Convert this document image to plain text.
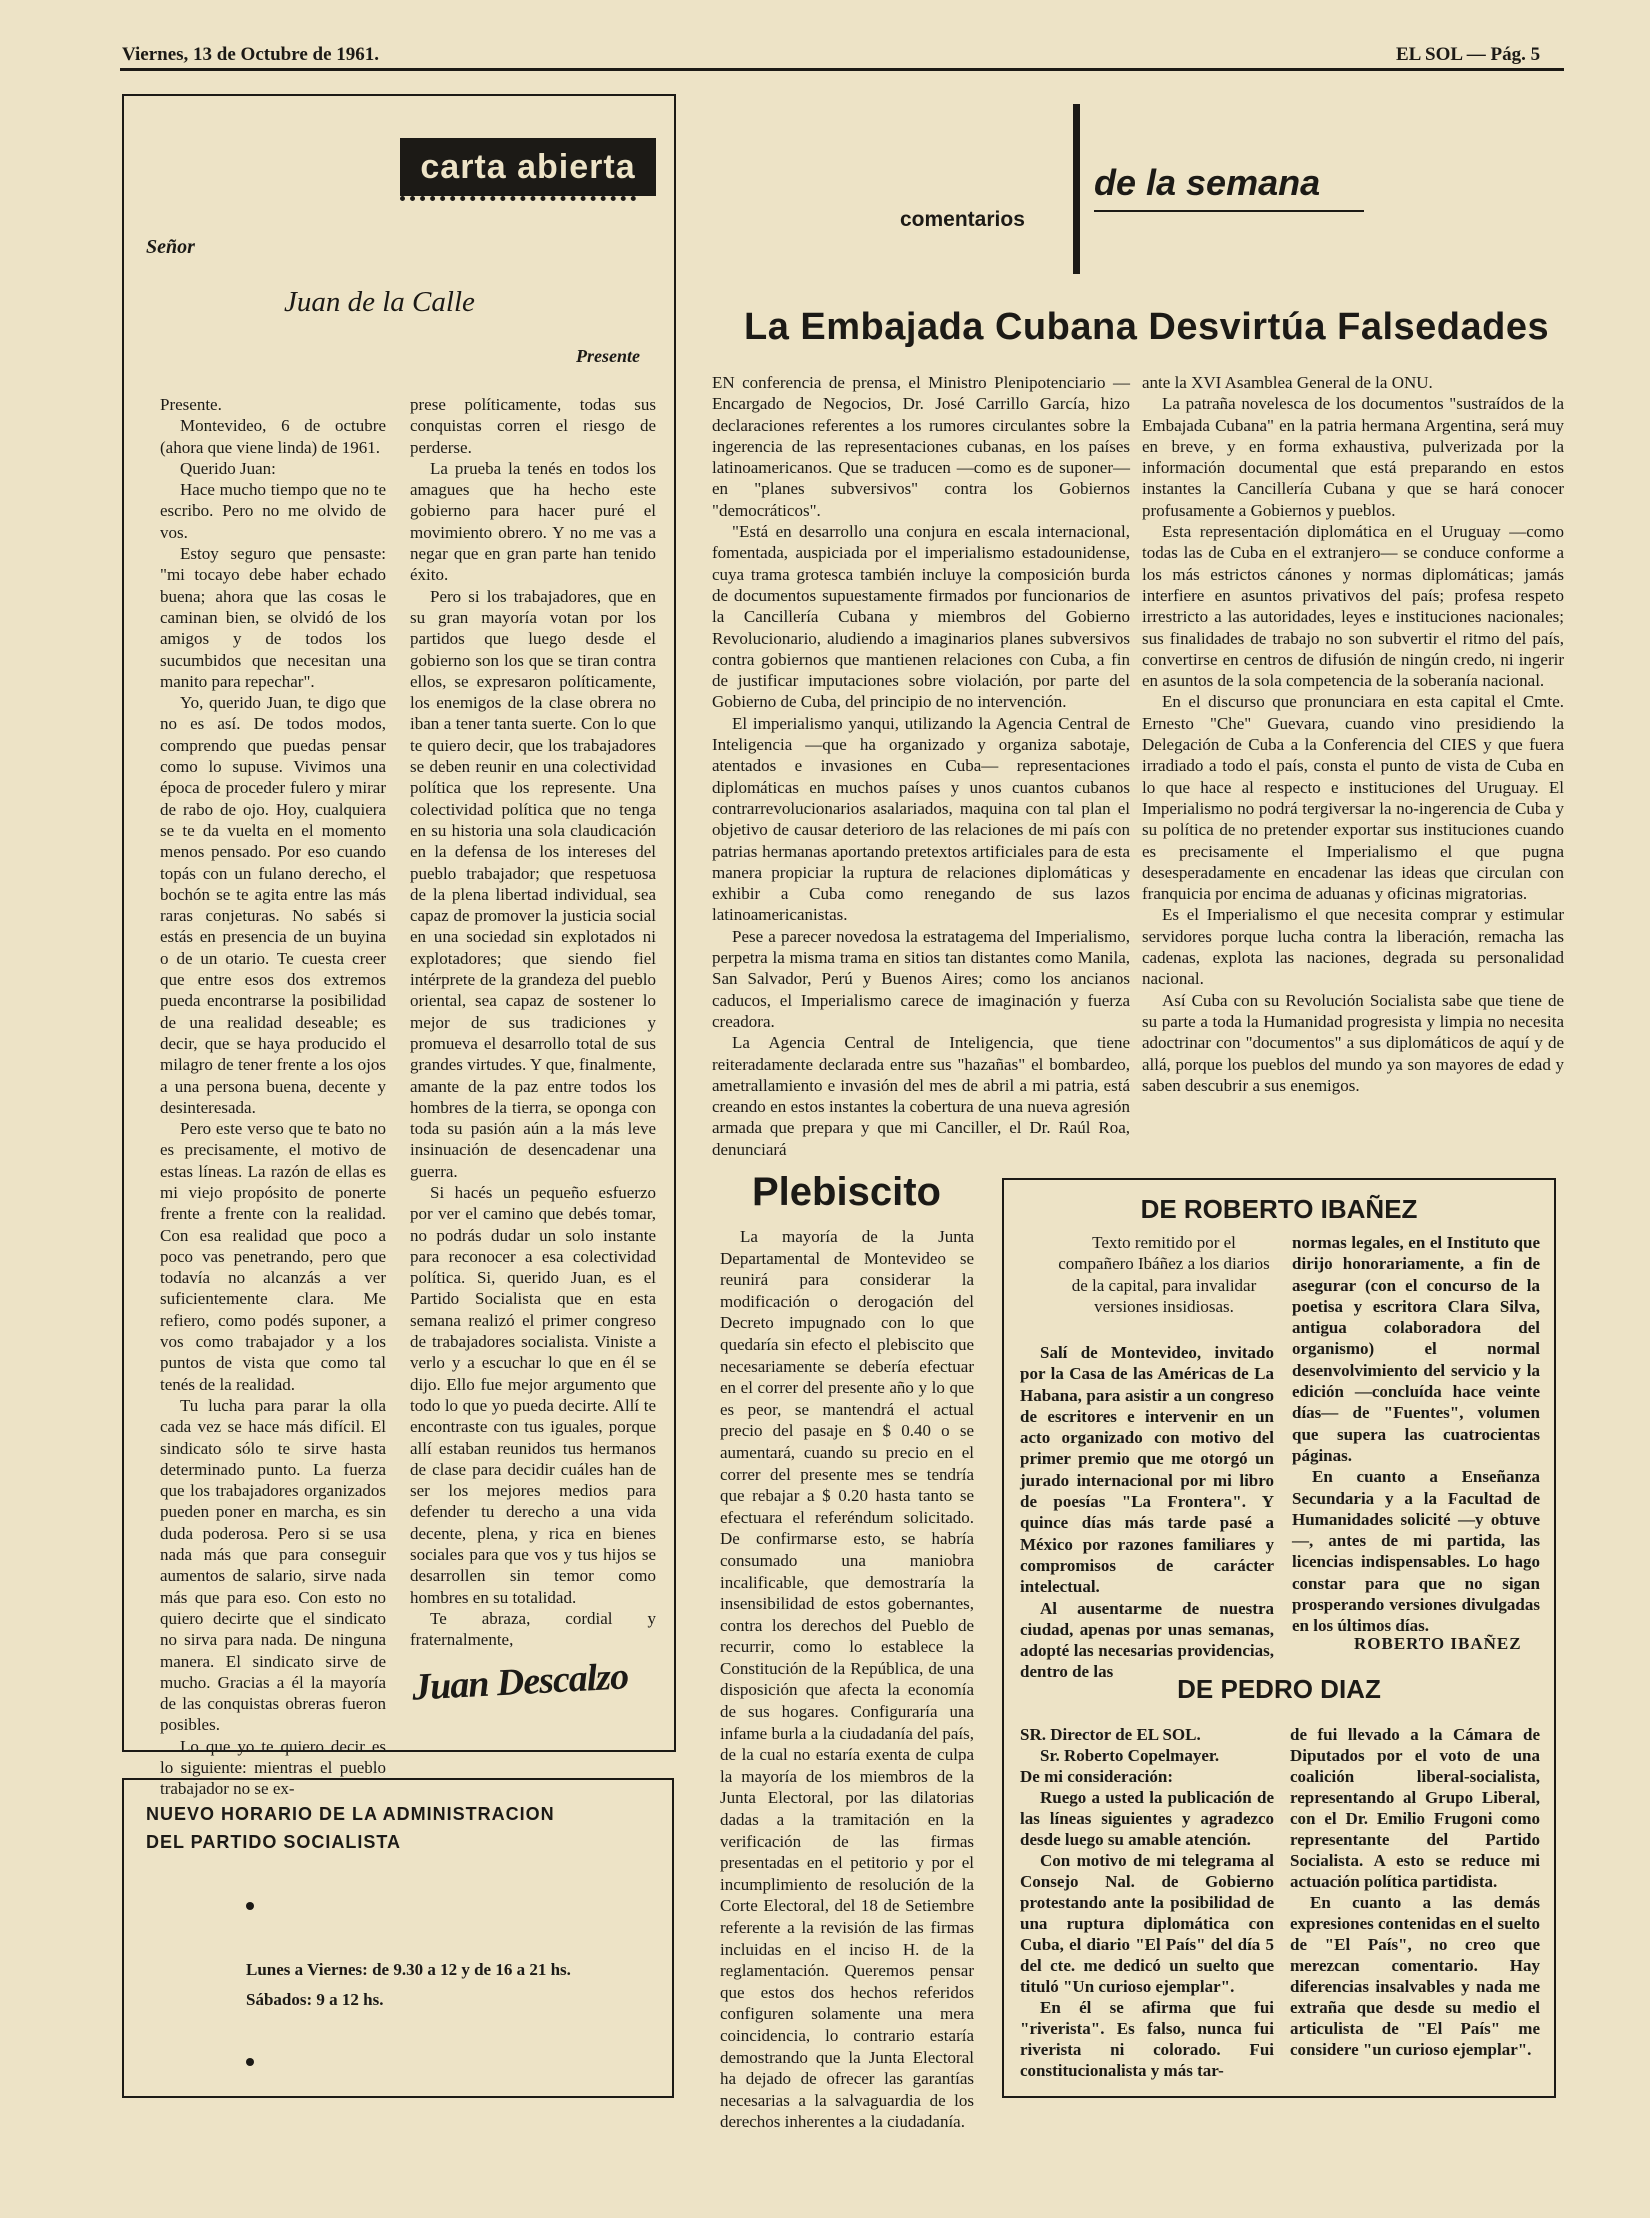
Viernes, 13 de Octubre de 1961.	EL SOL — Pág. 5
carta abierta
Señor
Juan de la Calle
Presente

Presente.

Montevideo, 6 de octubre (ahora que viene linda) de 1961.

Querido Juan:

Hace mucho tiempo que no te escribo. Pero no me olvido de vos.

Estoy seguro que pensaste: "mi tocayo debe haber echado buena; ahora que las cosas le caminan bien, se olvidó de los amigos y de todos los sucumbidos que necesitan una manito para repechar".

Yo, querido Juan, te digo que no es así. De todos modos, comprendo que puedas pensar como lo supuse. Vivimos una época de proceder fulero y mirar de rabo de ojo. Hoy, cualquiera se te da vuelta en el momento menos pensado. Por eso cuando topás con un fulano derecho, el bochón se te agita entre las más raras conjeturas. No sabés si estás en presencia de un buyina o de un otario. Te cuesta creer que entre esos dos extremos pueda encontrarse la posibilidad de una realidad deseable; es decir, que se haya producido el milagro de tener frente a los ojos a una persona buena, decente y desinteresada.

Pero este verso que te bato no es precisamente, el motivo de estas líneas. La razón de ellas es mi viejo propósito de ponerte frente a frente con la realidad. Con esa realidad que poco a poco vas penetrando, pero que todavía no alcanzás a ver suficientemente clara. Me refiero, como podés suponer, a vos como trabajador y a los puntos de vista que como tal tenés de la realidad.

Tu lucha para parar la olla cada vez se hace más difícil. El sindicato sólo te sirve hasta determinado punto. La fuerza que los trabajadores organizados pueden poner en marcha, es sin duda poderosa. Pero si se usa nada más que para conseguir aumentos de salario, sirve nada más que para eso. Con esto no quiero decirte que el sindicato no sirva para nada. De ninguna manera. El sindicato sirve de mucho. Gracias a él la mayoría de las conquistas obreras fueron posibles.

Lo que yo te quiero decir es lo siguiente: mientras el pueblo trabajador no se ex-

prese políticamente, todas sus conquistas corren el riesgo de perderse.

La prueba la tenés en todos los amagues que ha hecho este gobierno para hacer puré el movimiento obrero. Y no me vas a negar que en gran parte han tenido éxito.

Pero si los trabajadores, que en su gran mayoría votan por los partidos que luego desde el gobierno son los que se tiran contra ellos, se expresaron políticamente, los enemigos de la clase obrera no iban a tener tanta suerte. Con lo que te quiero decir, que los trabajadores se deben reunir en una colectividad política que los represente. Una colectividad política que no tenga en su historia una sola claudicación en la defensa de los intereses del pueblo trabajador; que respetuosa de la plena libertad individual, sea capaz de promover la justicia social en una sociedad sin explotados ni explotadores; que siendo fiel intérprete de la grandeza del pueblo oriental, sea capaz de sostener lo mejor de sus tradiciones y promueva el desarrollo total de sus grandes virtudes. Y que, finalmente, amante de la paz entre todos los hombres de la tierra, se oponga con toda su pasión aún a la más leve insinuación de desencadenar una guerra.

Si hacés un pequeño esfuerzo por ver el camino que debés tomar, no podrás dudar un solo instante para reconocer a esa colectividad política. Si, querido Juan, es el Partido Socialista que en esta semana realizó el primer congreso de trabajadores socialista. Viniste a verlo y a escuchar lo que en él se dijo. Ello fue mejor argumento que todo lo que yo pueda decirte. Allí te encontraste con tus iguales, porque allí estaban reunidos tus hermanos de clase para decidir cuáles han de ser los mejores medios para defender tu derecho a una vida decente, plena, y rica en bienes sociales para que vos y tus hijos se desarrollen sin temor como hombres en su totalidad.

Te abraza, cordial y fraternalmente,

Juan Descalzo
NUEVO HORARIO DE LA ADMINISTRACION
DEL PARTIDO SOCIALISTA
Lunes a Viernes: de 9.30 a 12 y de 16 a 21 hs.
Sábados: 9 a 12 hs.
comentarios
de la semana
La Embajada Cubana Desvirtúa Falsedades

EN conferencia de prensa, el Ministro Plenipotenciario —Encargado de Negocios, Dr. José Carrillo García, hizo declaraciones referentes a los rumores circulantes sobre la ingerencia de las representaciones cubanas, en los países latinoamericanos. Que se traducen —como es de suponer— en "planes subversivos" contra los Gobiernos "democráticos".

"Está en desarrollo una conjura en escala internacional, fomentada, auspiciada por el imperialismo estadounidense, cuya trama grotesca también incluye la composición burda de documentos supuestamente firmados por funcionarios de la Cancillería Cubana y miembros del Gobierno Revolucionario, aludiendo a imaginarios planes subversivos contra gobiernos que mantienen relaciones con Cuba, a fin de justificar imputaciones sobre violación, por parte del Gobierno de Cuba, del principio de no intervención.

El imperialismo yanqui, utilizando la Agencia Central de Inteligencia —que ha organizado y organiza sabotaje, atentados e invasiones en Cuba— representaciones diplomáticas en muchos países y unos cuantos cubanos contrarrevolucionarios asalariados, maquina con tal plan el objetivo de causar deterioro de las relaciones de mi país con patrias hermanas aportando pretextos artificiales para de esta manera propiciar la ruptura de relaciones diplomáticas y exhibir a Cuba como renegando de sus lazos latinoamericanistas.

Pese a parecer novedosa la estratagema del Imperialismo, perpetra la misma trama en sitios tan distantes como Manila, San Salvador, Perú y Buenos Aires; como los ancianos caducos, el Imperialismo carece de imaginación y fuerza creadora.

La Agencia Central de Inteligencia, que tiene reiteradamente declarada entre sus "hazañas" el bombardeo, ametrallamiento e invasión del mes de abril a mi patria, está creando en estos instantes la cobertura de una nueva agresión armada que prepara y que mi Canciller, el Dr. Raúl Roa, denunciará

ante la XVI Asamblea General de la ONU.

La patraña novelesca de los documentos "sustraídos de la Embajada Cubana" en la patria hermana Argentina, será muy en breve, y en forma exhaustiva, pulverizada por la información documental que está preparando en estos instantes la Cancillería Cubana y que se hará conocer profusamente a Gobiernos y pueblos.

Esta representación diplomática en el Uruguay —como todas las de Cuba en el extranjero— se conduce conforme a los más estrictos cánones y normas diplomáticas; jamás interfiere en asuntos privativos del país; profesa respeto irrestricto a las autoridades, leyes e instituciones nacionales; sus finalidades de trabajo no son subvertir el ritmo del país, convertirse en centros de difusión de ningún credo, ni ingerir en asuntos de la sola competencia de la soberanía nacional.

En el discurso que pronunciara en esta capital el Cmte. Ernesto "Che" Guevara, cuando vino presidiendo la Delegación de Cuba a la Conferencia del CIES y que fuera irradiado a todo el país, consta el punto de vista de Cuba en lo que hace al respecto e instituciones del Uruguay. El Imperialismo no podrá tergiversar la no-ingerencia de Cuba y su política de no pretender exportar sus instituciones cuando es precisamente el Imperialismo el que pugna desesperadamente en encadenar las ideas que circulan con franquicia por encima de aduanas y oficinas migratorias.

Es el Imperialismo el que necesita comprar y estimular servidores porque lucha contra la liberación, remacha las cadenas, explota las naciones, degrada su personalidad nacional.

Así Cuba con su Revolución Socialista sabe que tiene de su parte a toda la Humanidad progresista y limpia no necesita adoctrinar con "documentos" a sus diplomáticos de aquí y de allá, porque los pueblos del mundo ya son mayores de edad y saben descubrir a sus enemigos.

Plebiscito

La mayoría de la Junta Departamental de Montevideo se reunirá para considerar la modificación o derogación del Decreto impugnado con lo que quedaría sin efecto el plebiscito que necesariamente se debería efectuar en el correr del presente año y lo que es peor, se mantendrá el actual precio del pasaje en $ 0.40 o se aumentará, cuando su precio en el correr del presente mes se tendría que rebajar a $ 0.20 hasta tanto se efectuara el referéndum solicitado. De confirmarse esto, se habría consumado una maniobra incalificable, que demostraría la insensibilidad de estos gobernantes, contra los derechos del Pueblo de recurrir, como lo establece la Constitución de la República, de una disposición que afecta la economía de sus hogares. Configuraría una infame burla a la ciudadanía del país, de la cual no estaría exenta de culpa la mayoría de los miembros de la Junta Electoral, por las dilatorias dadas a la tramitación en la verificación de las firmas presentadas en el petitorio y por el incumplimiento de resolución de la Corte Electoral, del 18 de Setiembre referente a la revisión de las firmas incluidas en el inciso H. de la reglamentación. Queremos pensar que estos dos hechos referidos configuren solamente una mera coincidencia, lo contrario estaría demostrando que la Junta Electoral ha dejado de ofrecer las garantías necesarias a la salvaguardia de los derechos inherentes a la ciudadanía.

DE ROBERTO IBAÑEZ

Texto remitido por el compañero Ibáñez a los diarios de la capital, para invalidar versiones insidiosas.

Salí de Montevideo, invitado por la Casa de las Américas de La Habana, para asistir a un congreso de escritores e intervenir en un acto organizado con motivo del primer premio que me otorgó un jurado internacional por mi libro de poesías "La Frontera". Y quince días más tarde pasé a México por razones familiares y compromisos de carácter intelectual.

Al ausentarme de nuestra ciudad, apenas por unas semanas, adopté las necesarias providencias, dentro de las

normas legales, en el Instituto que dirijo honorariamente, a fin de asegurar (con el concurso de la poetisa y escritora Clara Silva, antigua colaboradora del organismo) el normal desenvolvimiento del servicio y la edición —concluída hace veinte días— de "Fuentes", volumen que supera las cuatrocientas páginas.

En cuanto a Enseñanza Secundaria y a la Facultad de Humanidades solicité —y obtuve—, antes de mi partida, las licencias indispensables. Lo hago constar para que no sigan prosperando versiones divulgadas en los últimos días.

ROBERTO IBAÑEZ
DE PEDRO DIAZ

SR. Director de EL SOL.

Sr. Roberto Copelmayer.

De mi consideración:

Ruego a usted la publicación de las líneas siguientes y agradezco desde luego su amable atención.

Con motivo de mi telegrama al Consejo Nal. de Gobierno protestando ante la posibilidad de una ruptura diplomática con Cuba, el diario "El País" del día 5 del cte. me dedicó un suelto que tituló "Un curioso ejemplar".

En él se afirma que fui "riverista". Es falso, nunca fui riverista ni colorado. Fui constitucionalista y más tar-

de fui llevado a la Cámara de Diputados por el voto de una coalición liberal-socialista, representando al Grupo Liberal, con el Dr. Emilio Frugoni como representante del Partido Socialista. A esto se reduce mi actuación política partidista.

En cuanto a las demás expresiones contenidas en el suelto de "El País", no creo que merezcan comentario. Hay diferencias insalvables y nada me extraña que desde su medio el articulista de "El País" me considere "un curioso ejemplar".
